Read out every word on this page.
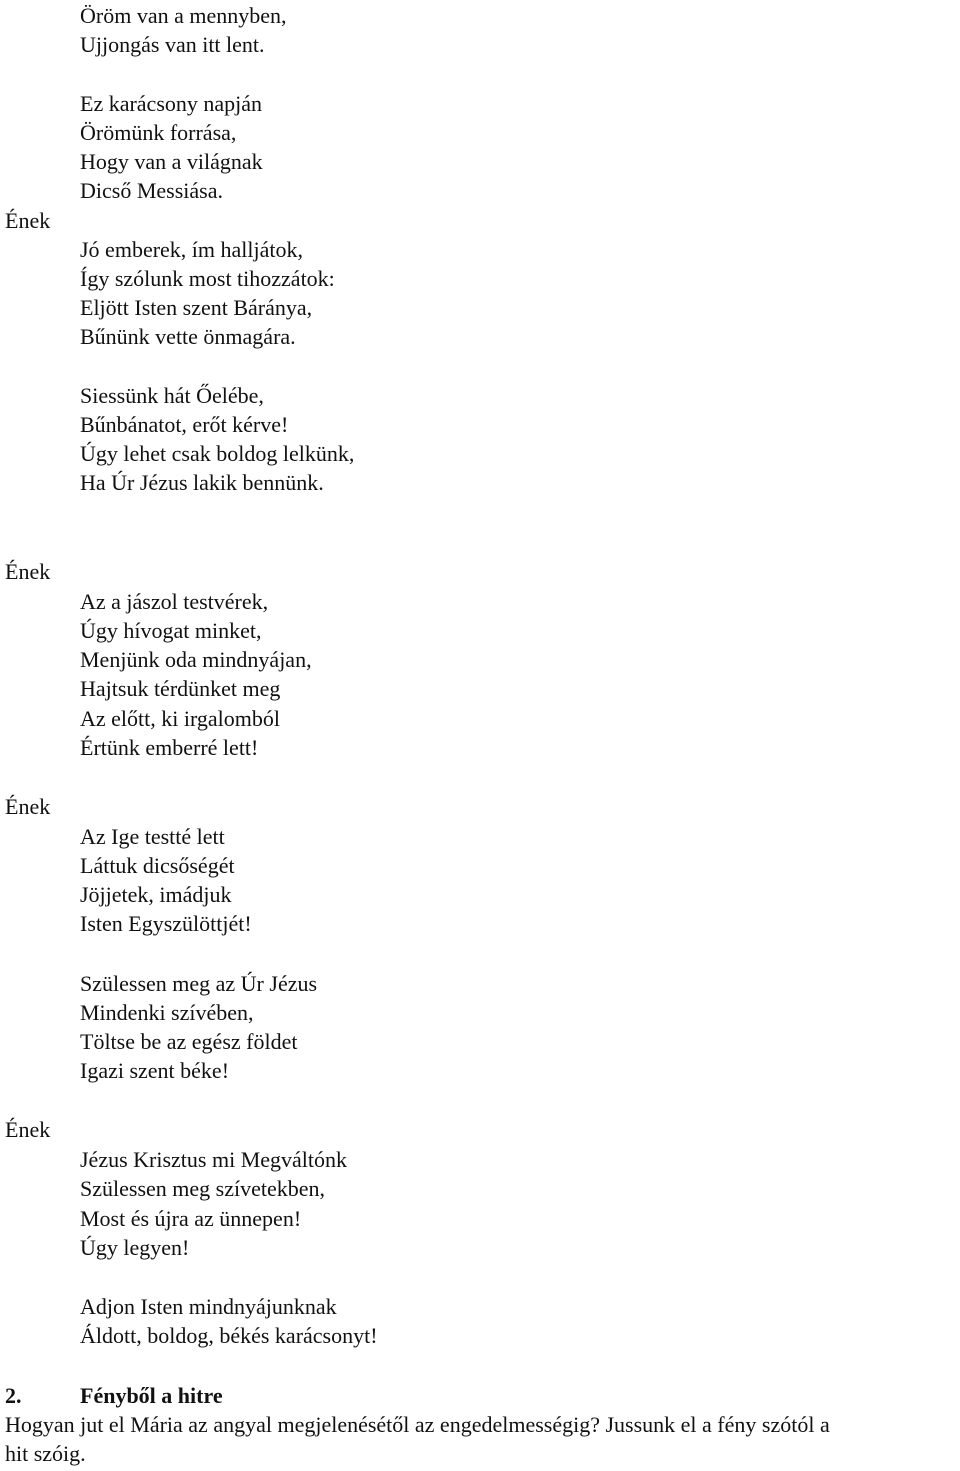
Öröm van a mennyben,
Ujjongás van itt lent.
Ez karácsony napján
Örömünk forrása,
Hogy van a világnak
Dicső Messiása.
Ének
Jó emberek, ím halljátok,
Így szólunk most tihozzátok:
Eljött Isten szent Báránya,
Bűnünk vette önmagára.
Siessünk hát Őelébe,
Bűnbánatot, erőt kérve!
Úgy lehet csak boldog lelkünk,
Ha Úr Jézus lakik bennünk.
Ének
Az a jászol testvérek,
Úgy hívogat minket,
Menjünk oda mindnyájan,
Hajtsuk térdünket meg
Az előtt, ki irgalomból
Értünk emberré lett!
Ének
Az Ige testté lett
Láttuk dicsőségét
Jöjjetek, imádjuk
Isten Egyszülöttjét!
Szülessen meg az Úr Jézus
Mindenki szívében,
Töltse be az egész földet
Igazi szent béke!
Ének
Jézus Krisztus mi Megváltónk
Szülessen meg szívetekben,
Most és újra az ünnepen!
Úgy legyen!
Adjon Isten mindnyájunknak
Áldott, boldog, békés karácsonyt!
2.	Fényből a hitre
Hogyan jut el Mária az angyal megjelenésétől az engedelmességig? Jussunk el a fény szótól a
hit szóig.
